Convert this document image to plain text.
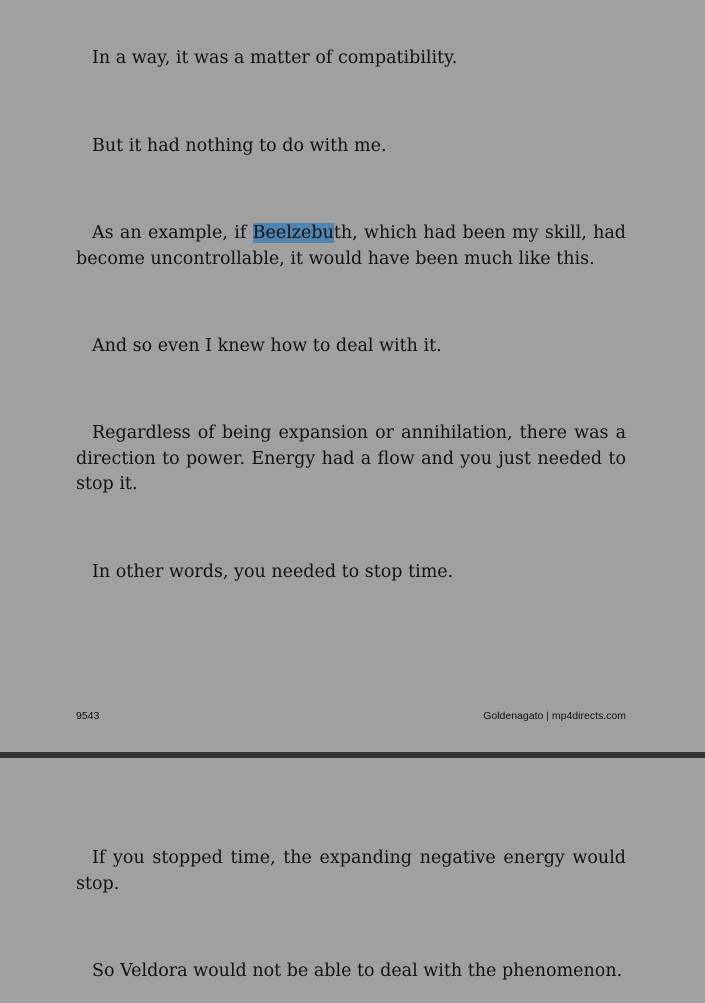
In a way, it was a matter of compatibility.

But it had nothing to do with me.

As an example, if Beelzebuth, which had been my skill, had become uncontrollable, it would have been much like this.

And so even I knew how to deal with it.

Regardless of being expansion or annihilation, there was a direction to power. Energy had a flow and you just needed to stop it.

In other words, you needed to stop time.

9543	Goldenagato | mp4directs.com

If you stopped time, the expanding negative energy would stop.

So Veldora would not be able to deal with the phenomenon.
